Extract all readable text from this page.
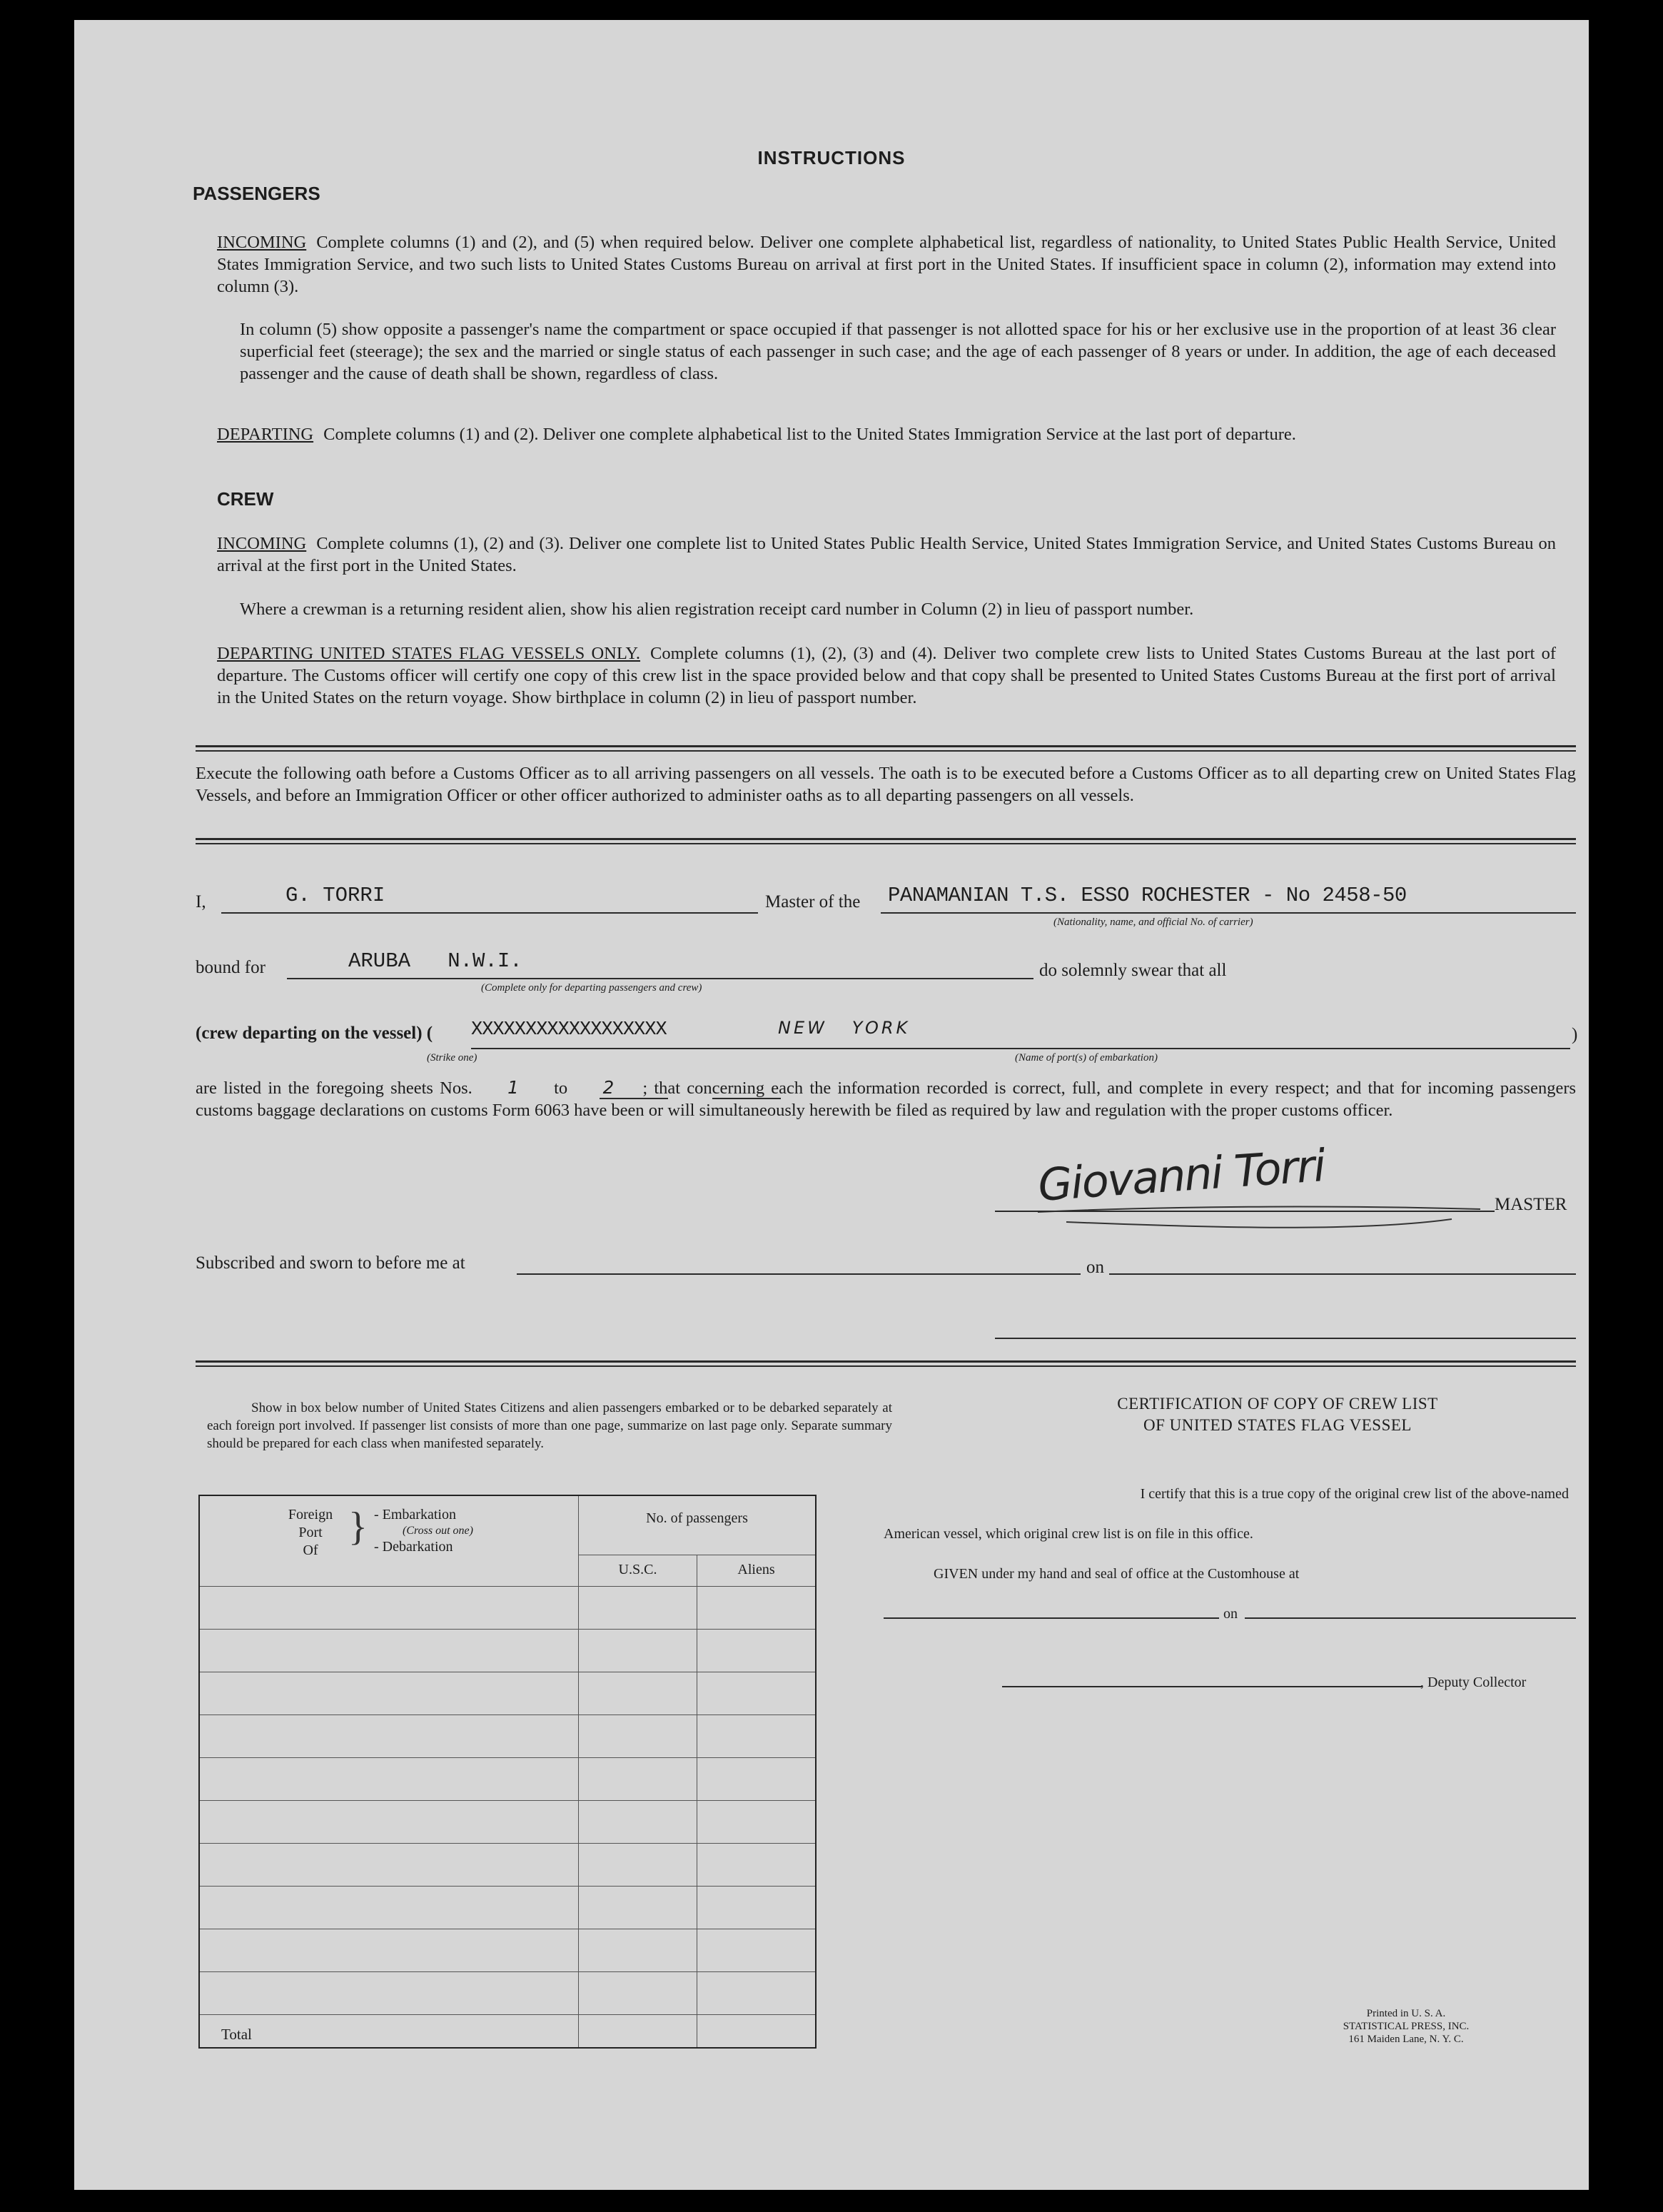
INSTRUCTIONS
PASSENGERS
INCOMING Complete columns (1) and (2), and (5) when required below. Deliver one complete alphabetical list, regardless of nationality, to United States Public Health Service, United States Immigration Service, and two such lists to United States Customs Bureau on arrival at first port in the United States. If insufficient space in column (2), information may extend into column (3).
In column (5) show opposite a passenger's name the compartment or space occupied if that passenger is not allotted space for his or her exclusive use in the proportion of at least 36 clear superficial feet (steerage); the sex and the married or single status of each passenger in such case; and the age of each passenger of 8 years or under. In addition, the age of each deceased passenger and the cause of death shall be shown, regardless of class.
DEPARTING Complete columns (1) and (2). Deliver one complete alphabetical list to the United States Immigration Service at the last port of departure.
CREW
INCOMING Complete columns (1), (2) and (3). Deliver one complete list to United States Public Health Service, United States Immigration Service, and United States Customs Bureau on arrival at the first port in the United States.
Where a crewman is a returning resident alien, show his alien registration receipt card number in Column (2) in lieu of passport number.
DEPARTING UNITED STATES FLAG VESSELS ONLY. Complete columns (1), (2), (3) and (4). Deliver two complete crew lists to United States Customs Bureau at the last port of departure. The Customs officer will certify one copy of this crew list in the space provided below and that copy shall be presented to United States Customs Bureau at the first port of arrival in the United States on the return voyage. Show birthplace in column (2) in lieu of passport number.
Execute the following oath before a Customs Officer as to all arriving passengers on all vessels. The oath is to be executed before a Customs Officer as to all departing crew on United States Flag Vessels, and before an Immigration Officer or other officer authorized to administer oaths as to all departing passengers on all vessels.
I,	G. TORRI	Master of the PANAMANIAN T.S. ESSO ROCHESTER - No 2458-50
(Nationality, name, and official No. of carrier)
bound for	ARUBA   N.W.I.
(Complete only for departing passengers and crew)
do solemnly swear that all
(crew departing on the vessel) ( XXXXXXXXXXXXXXXXXX
(Strike one)
NEW   YORK
(Name of port(s) of embarkation)
)
are listed in the foregoing sheets Nos. 1 to 2 ; that concerning each the information recorded is correct, full, and complete in every respect; and that for incoming passengers customs baggage declarations on customs Form 6063 have been or will simultaneously herewith be filed as required by law and regulation with the proper customs officer.
Giovanni Torri	MASTER
Subscribed and sworn to before me at	on
Show in box below number of United States Citizens and alien passengers embarked or to be debarked separately at each foreign port involved. If passenger list consists of more than one page, summarize on last page only. Separate summary should be prepared for each class when manifested separately.
Foreign
Port
Of
} - Embarkation
(Cross out one)
- Debarkation
No. of passengers
U.S.C.	Aliens
Total
CERTIFICATION OF COPY OF CREW LIST
OF UNITED STATES FLAG VESSEL
I certify that this is a true copy of the original crew list of the above-named
American vessel, which original crew list is on file in this office.
GIVEN under my hand and seal of office at the Customhouse at
on
, Deputy Collector
Printed in U. S. A.
STATISTICAL PRESS, INC.
161 Maiden Lane, N. Y. C.
